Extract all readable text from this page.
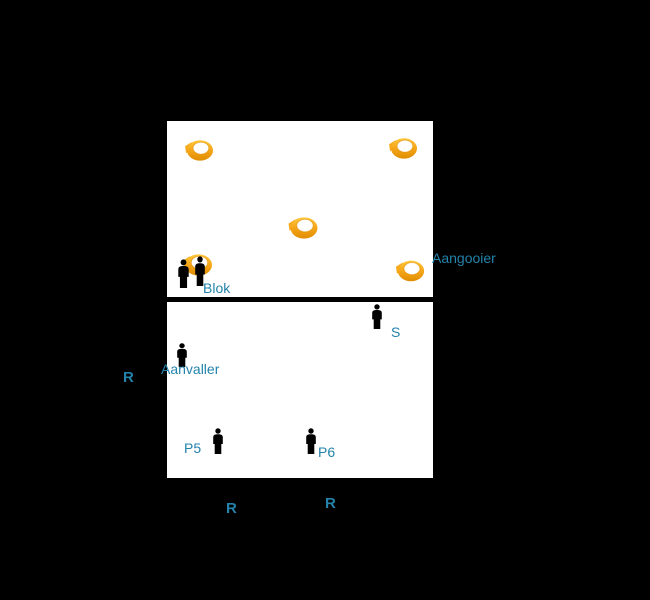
Aangooier
Blok
S
Aanvaller
P5	P6
R
R	R
